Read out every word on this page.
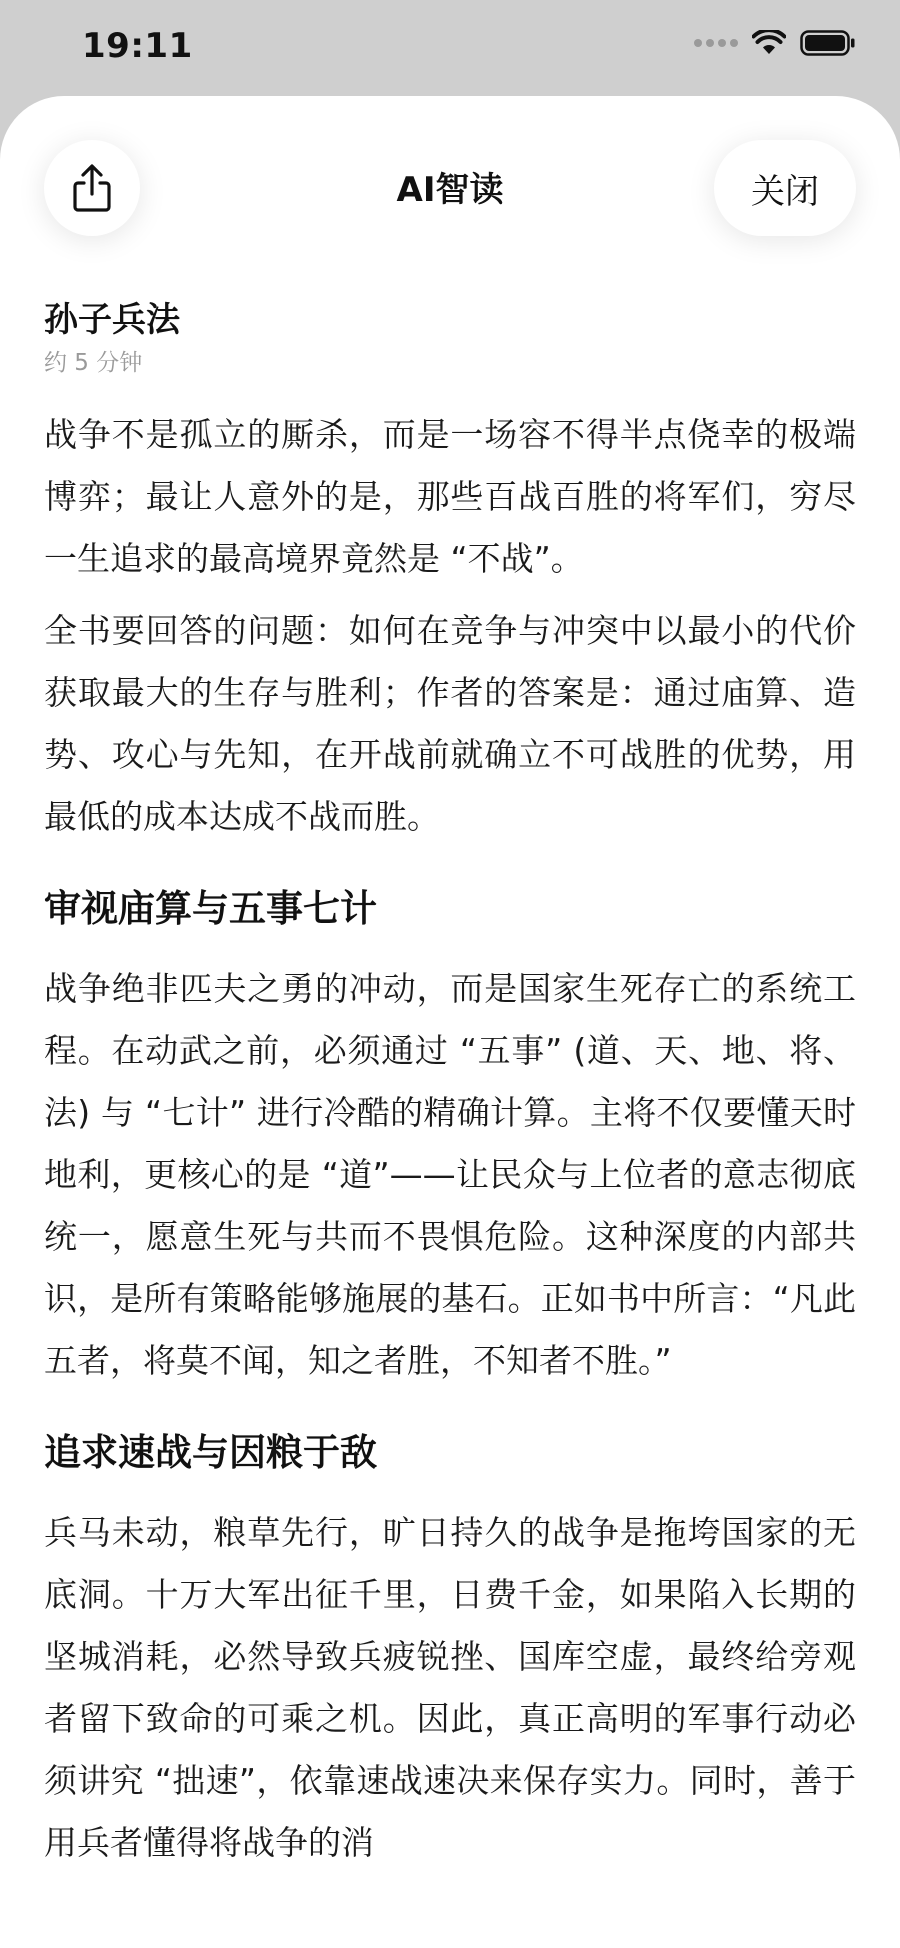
19:11
AI智读	关闭
孙子兵法
约 5 分钟

战争不是孤立的厮杀，而是一场容不得半点侥幸的极端博弈；最让人意外的是，那些百战百胜的将军们，穷尽一生追求的最高境界竟然是 “不战”。

全书要回答的问题：如何在竞争与冲突中以最小的代价获取最大的生存与胜利；作者的答案是：通过庙算、造势、攻心与先知，在开战前就确立不可战胜的优势，用最低的成本达成不战而胜。

审视庙算与五事七计

战争绝非匹夫之勇的冲动，而是国家生死存亡的系统工程。在动武之前，必须通过 “五事” (道、天、地、将、法) 与 “七计” 进行冷酷的精确计算。主将不仅要懂天时地利，更核心的是 “道”——让民众与上位者的意志彻底统一，愿意生死与共而不畏惧危险。这种深度的内部共识，是所有策略能够施展的基石。正如书中所言：“凡此五者，将莫不闻，知之者胜，不知者不胜。”

追求速战与因粮于敌

兵马未动，粮草先行，旷日持久的战争是拖垮国家的无底洞。十万大军出征千里，日费千金，如果陷入长期的坚城消耗，必然导致兵疲锐挫、国库空虚，最终给旁观者留下致命的可乘之机。因此，真正高明的军事行动必须讲究 “拙速”，依靠速战速决来保存实力。同时，善于用兵者懂得将战争的消
